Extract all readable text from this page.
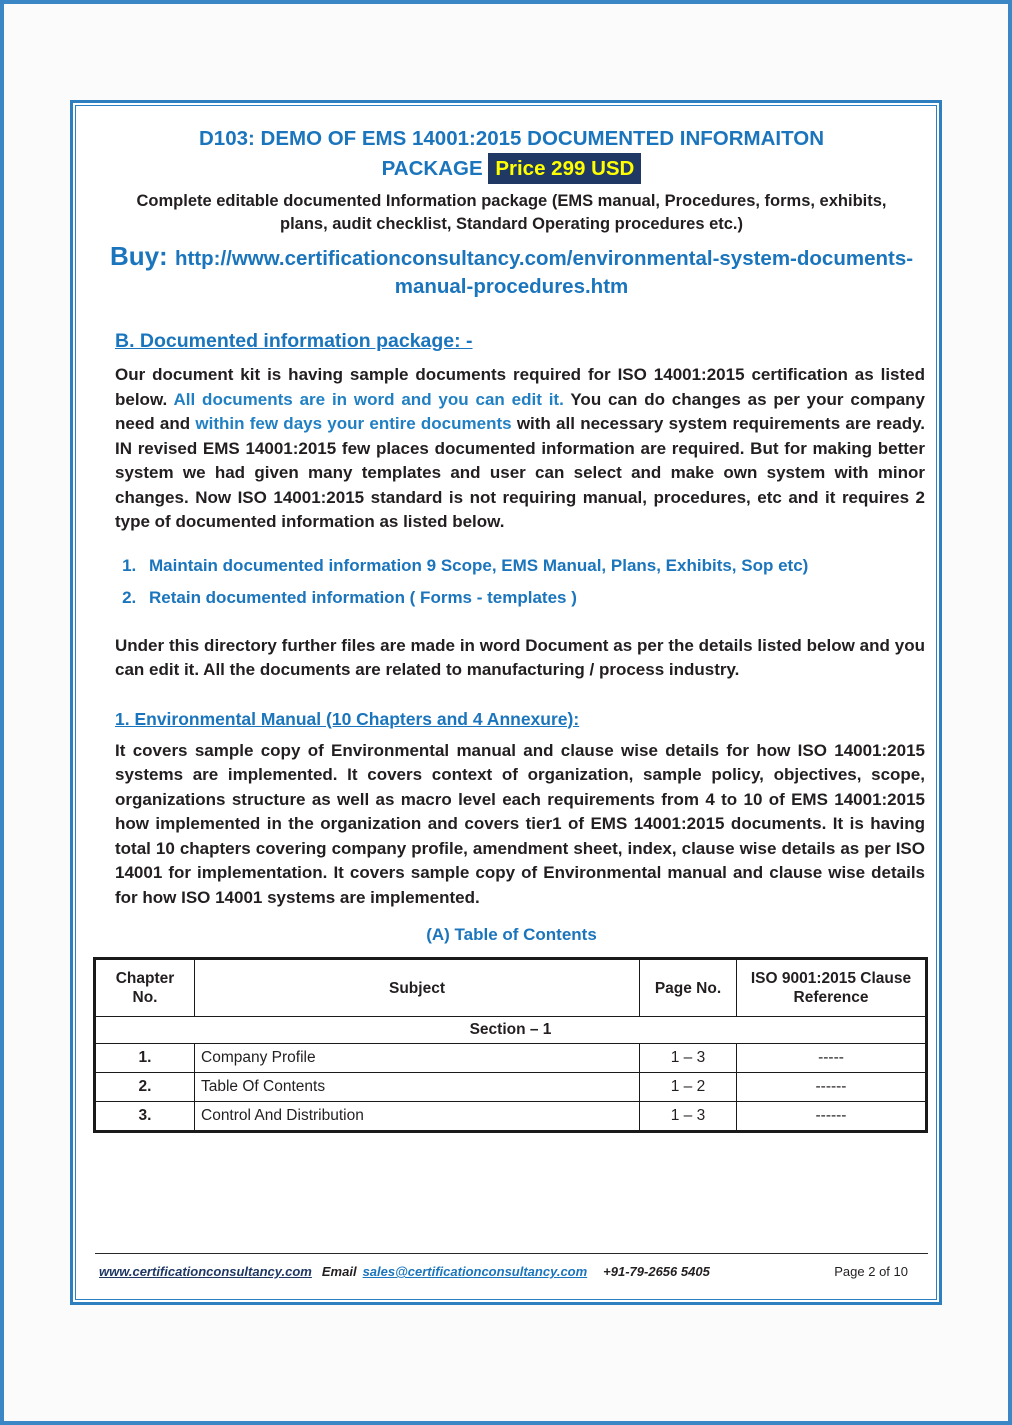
D103: DEMO OF EMS 14001:2015 DOCUMENTED INFORMAITON
PACKAGE Price 299 USD

Complete editable documented Information package (EMS manual, Procedures, forms, exhibits,
plans, audit checklist, Standard Operating procedures etc.)

Buy: http://www.certificationconsultancy.com/environmental-system-documents-manual-procedures.htm

B. Documented information package: -

Our document kit is having sample documents required for ISO 14001:2015 certification as listed below. All documents are in word and you can edit it. You can do changes as per your company need and within few days your entire documents with all necessary system requirements are ready. IN revised EMS 14001:2015 few places documented information are required. But for making better system we had given many templates and user can select and make own system with minor changes. Now ISO 14001:2015 standard is not requiring manual, procedures, etc and it requires 2 type of documented information as listed below.

1. Maintain documented information 9 Scope, EMS Manual, Plans, Exhibits, Sop etc)
2. Retain documented information ( Forms - templates )

Under this directory further files are made in word Document as per the details listed below and you can edit it. All the documents are related to manufacturing / process industry.

1. Environmental Manual (10 Chapters and 4 Annexure):

It covers sample copy of Environmental manual and clause wise details for how ISO 14001:2015 systems are implemented. It covers context of organization, sample policy, objectives, scope, organizations structure as well as macro level each requirements from 4 to 10 of EMS 14001:2015 how implemented in the organization and covers tier1 of EMS 14001:2015 documents. It is having total 10 chapters covering company profile, amendment sheet, index, clause wise details as per ISO 14001 for implementation. It covers sample copy of Environmental manual and clause wise details for how ISO 14001 systems are implemented.

(A) Table of Contents

Chapter No.	Subject	Page No.	ISO 9001:2015 Clause Reference
Section – 1			
1.	Company Profile	1 – 3	-----
2.	Table Of Contents	1 – 2	------
3.	Control And Distribution	1 – 3	------
www.certificationconsultancy.com Email sales@certificationconsultancy.com +91-79-2656 5405	Page 2 of 10
